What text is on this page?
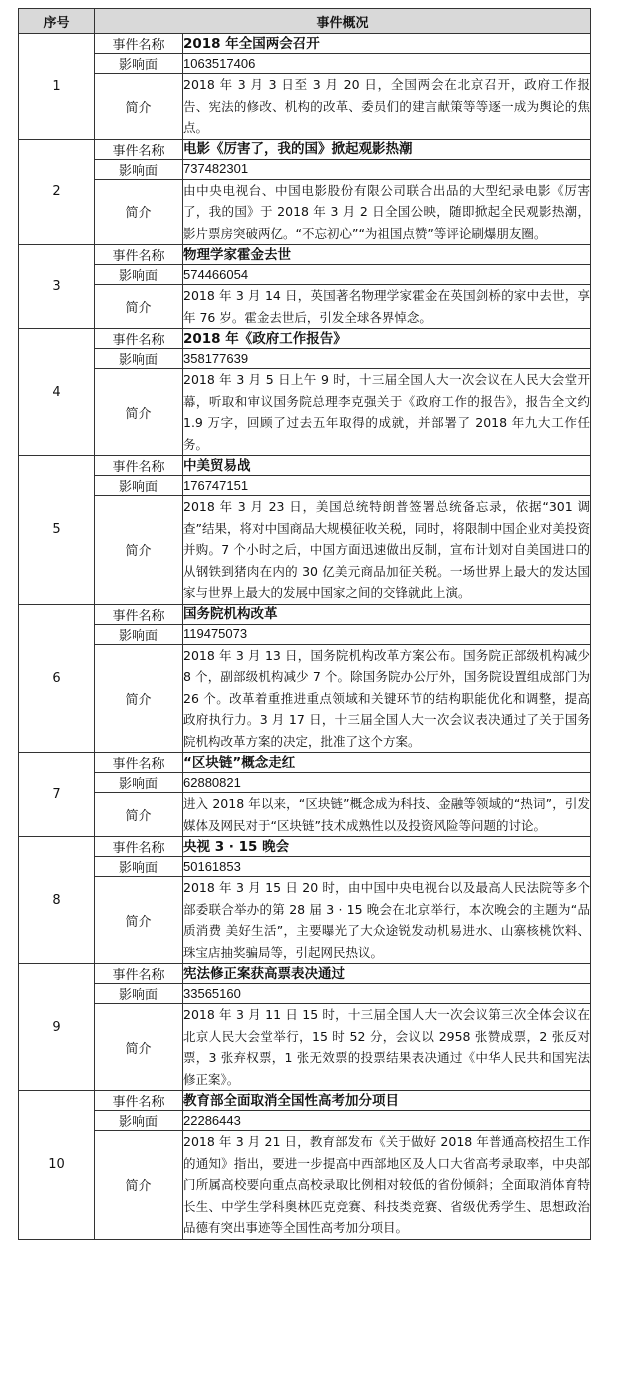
序号	事件概况	
1	事件名称	2018 年全国两会召开
	影响面	1063517406
	简介	2018 年 3 月 3 日至 3 月 20 日，全国两会在北京召开，政府工作报告、宪法的修改、机构的改革、委员们的建言献策等等逐一成为舆论的焦点。
2	事件名称	电影《厉害了，我的国》掀起观影热潮
	影响面	737482301
	简介	由中央电视台、中国电影股份有限公司联合出品的大型纪录电影《厉害了，我的国》于 2018 年 3 月 2 日全国公映，随即掀起全民观影热潮，影片票房突破两亿。“不忘初心”“为祖国点赞”等评论刷爆朋友圈。
3	事件名称	物理学家霍金去世
	影响面	574466054
	简介	2018 年 3 月 14 日，英国著名物理学家霍金在英国剑桥的家中去世，享年 76 岁。霍金去世后，引发全球各界悼念。
4	事件名称	2018 年《政府工作报告》
	影响面	358177639
	简介	2018 年 3 月 5 日上午 9 时，十三届全国人大一次会议在人民大会堂开幕，听取和审议国务院总理李克强关于《政府工作的报告》，报告全文约 1.9 万字，回顾了过去五年取得的成就，并部署了 2018 年九大工作任务。
5	事件名称	中美贸易战
	影响面	176747151
	简介	2018 年 3 月 23 日，美国总统特朗普签署总统备忘录，依据“301 调查”结果，将对中国商品大规模征收关税，同时，将限制中国企业对美投资并购。7 个小时之后，中国方面迅速做出反制，宣布计划对自美国进口的从钢铁到猪肉在内的 30 亿美元商品加征关税。一场世界上最大的发达国家与世界上最大的发展中国家之间的交锋就此上演。
6	事件名称	国务院机构改革
	影响面	119475073
	简介	2018 年 3 月 13 日，国务院机构改革方案公布。国务院正部级机构减少 8 个，副部级机构减少 7 个。除国务院办公厅外，国务院设置组成部门为 26 个。改革着重推进重点领域和关键环节的结构职能优化和调整，提高政府执行力。3 月 17 日，十三届全国人大一次会议表决通过了关于国务院机构改革方案的决定，批准了这个方案。
7	事件名称	“区块链”概念走红
	影响面	62880821
	简介	进入 2018 年以来，“区块链”概念成为科技、金融等领域的“热词”，引发媒体及网民对于“区块链”技术成熟性以及投资风险等问题的讨论。
8	事件名称	央视 3 · 15 晚会
	影响面	50161853
	简介	2018 年 3 月 15 日 20 时，由中国中央电视台以及最高人民法院等多个部委联合举办的第 28 届 3 · 15 晚会在北京举行，本次晚会的主题为“品质消费 美好生活”，主要曝光了大众途锐发动机易进水、山寨核桃饮料、珠宝店抽奖骗局等，引起网民热议。
9	事件名称	宪法修正案获高票表决通过
	影响面	33565160
	简介	2018 年 3 月 11 日 15 时，十三届全国人大一次会议第三次全体会议在北京人民大会堂举行，15 时 52 分，会议以 2958 张赞成票，2 张反对票，3 张弃权票，1 张无效票的投票结果表决通过《中华人民共和国宪法修正案》。
10	事件名称	教育部全面取消全国性高考加分项目
	影响面	22286443
	简介	2018 年 3 月 21 日，教育部发布《关于做好 2018 年普通高校招生工作的通知》指出，要进一步提高中西部地区及人口大省高考录取率，中央部门所属高校要向重点高校录取比例相对较低的省份倾斜；全面取消体育特长生、中学生学科奥林匹克竞赛、科技类竞赛、省级优秀学生、思想政治品德有突出事迹等全国性高考加分项目。
